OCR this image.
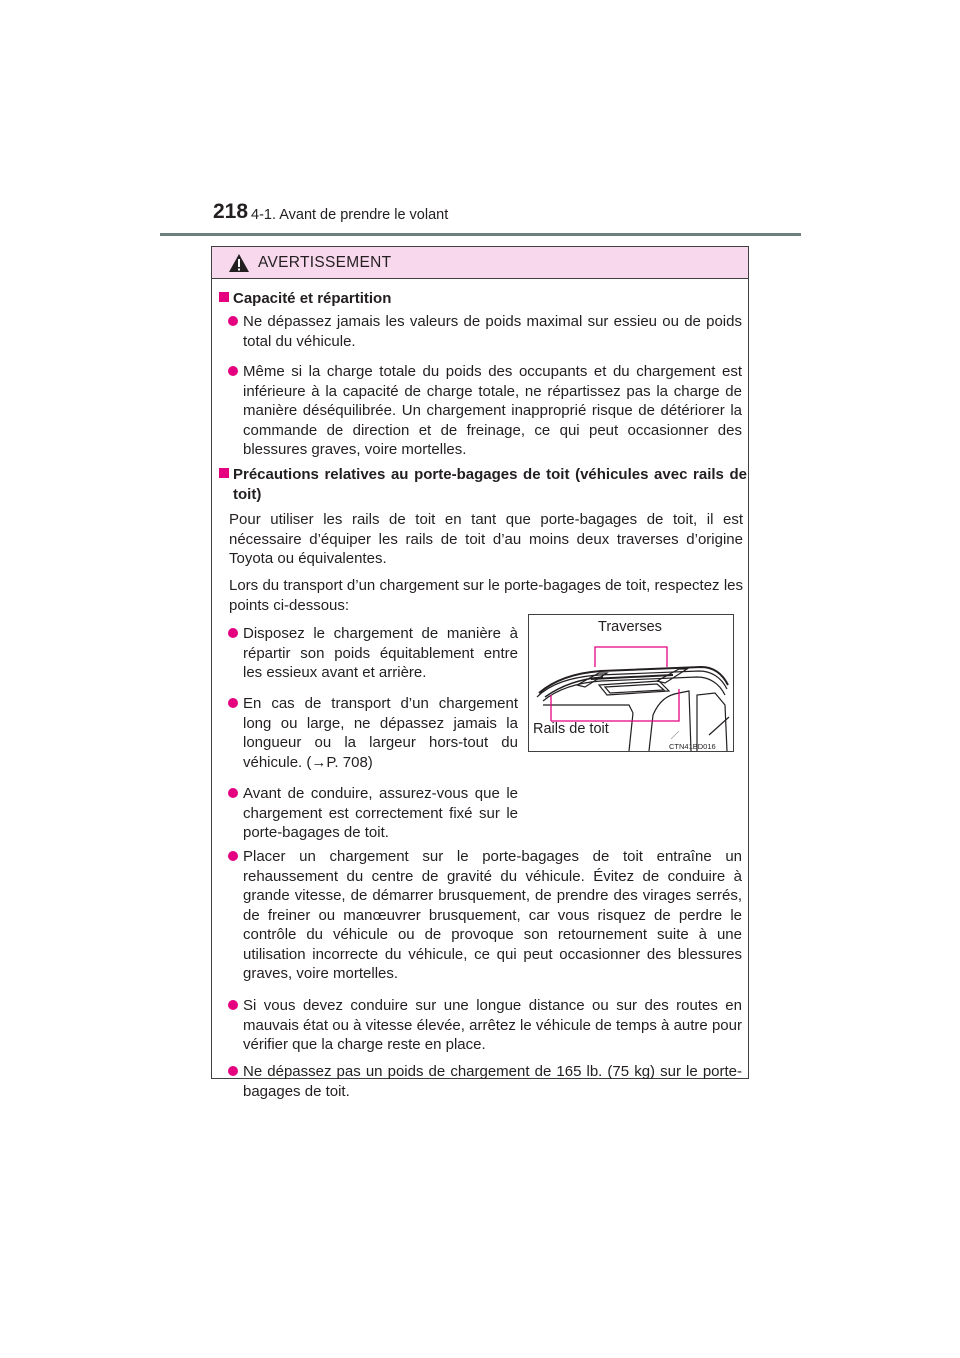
218 4-1. Avant de prendre le volant
AVERTISSEMENT
Capacité et répartition
Ne dépassez jamais les valeurs de poids maximal sur essieu ou de poids total du véhicule.
Même si la charge totale du poids des occupants et du chargement est inférieure à la capacité de charge totale, ne répartissez pas la charge de manière déséquilibrée. Un chargement inapproprié risque de détériorer la commande de direction et de freinage, ce qui peut occasionner des blessures graves, voire mortelles.
Précautions relatives au porte-bagages de toit (véhicules avec rails de toit)
Pour utiliser les rails de toit en tant que porte-bagages de toit, il est nécessaire d’équiper les rails de toit d’au moins deux traverses d’origine Toyota ou équivalentes.
Lors du transport d’un chargement sur le porte-bagages de toit, respectez les points ci-dessous:
Disposez le chargement de manière à répartir son poids équitablement entre les essieux avant et arrière.
En cas de transport d’un chargement long ou large, ne dépassez jamais la longueur ou la largeur hors-tout du véhicule. (→P. 708)
Avant de conduire, assurez-vous que le chargement est correctement fixé sur le porte-bagages de toit.
Traverses
Rails de toit
CTN41BD016
Placer un chargement sur le porte-bagages de toit entraîne un rehaussement du centre de gravité du véhicule. Évitez de conduire à grande vitesse, de démarrer brusquement, de prendre des virages serrés, de freiner ou manœuvrer brusquement, car vous risquez de perdre le contrôle du véhicule ou de provoque son retournement suite à une utilisation incorrecte du véhicule, ce qui peut occasionner des blessures graves, voire mortelles.
Si vous devez conduire sur une longue distance ou sur des routes en mauvais état ou à vitesse élevée, arrêtez le véhicule de temps à autre pour vérifier que la charge reste en place.
Ne dépassez pas un poids de chargement de 165 lb. (75 kg) sur le porte-bagages de toit.
